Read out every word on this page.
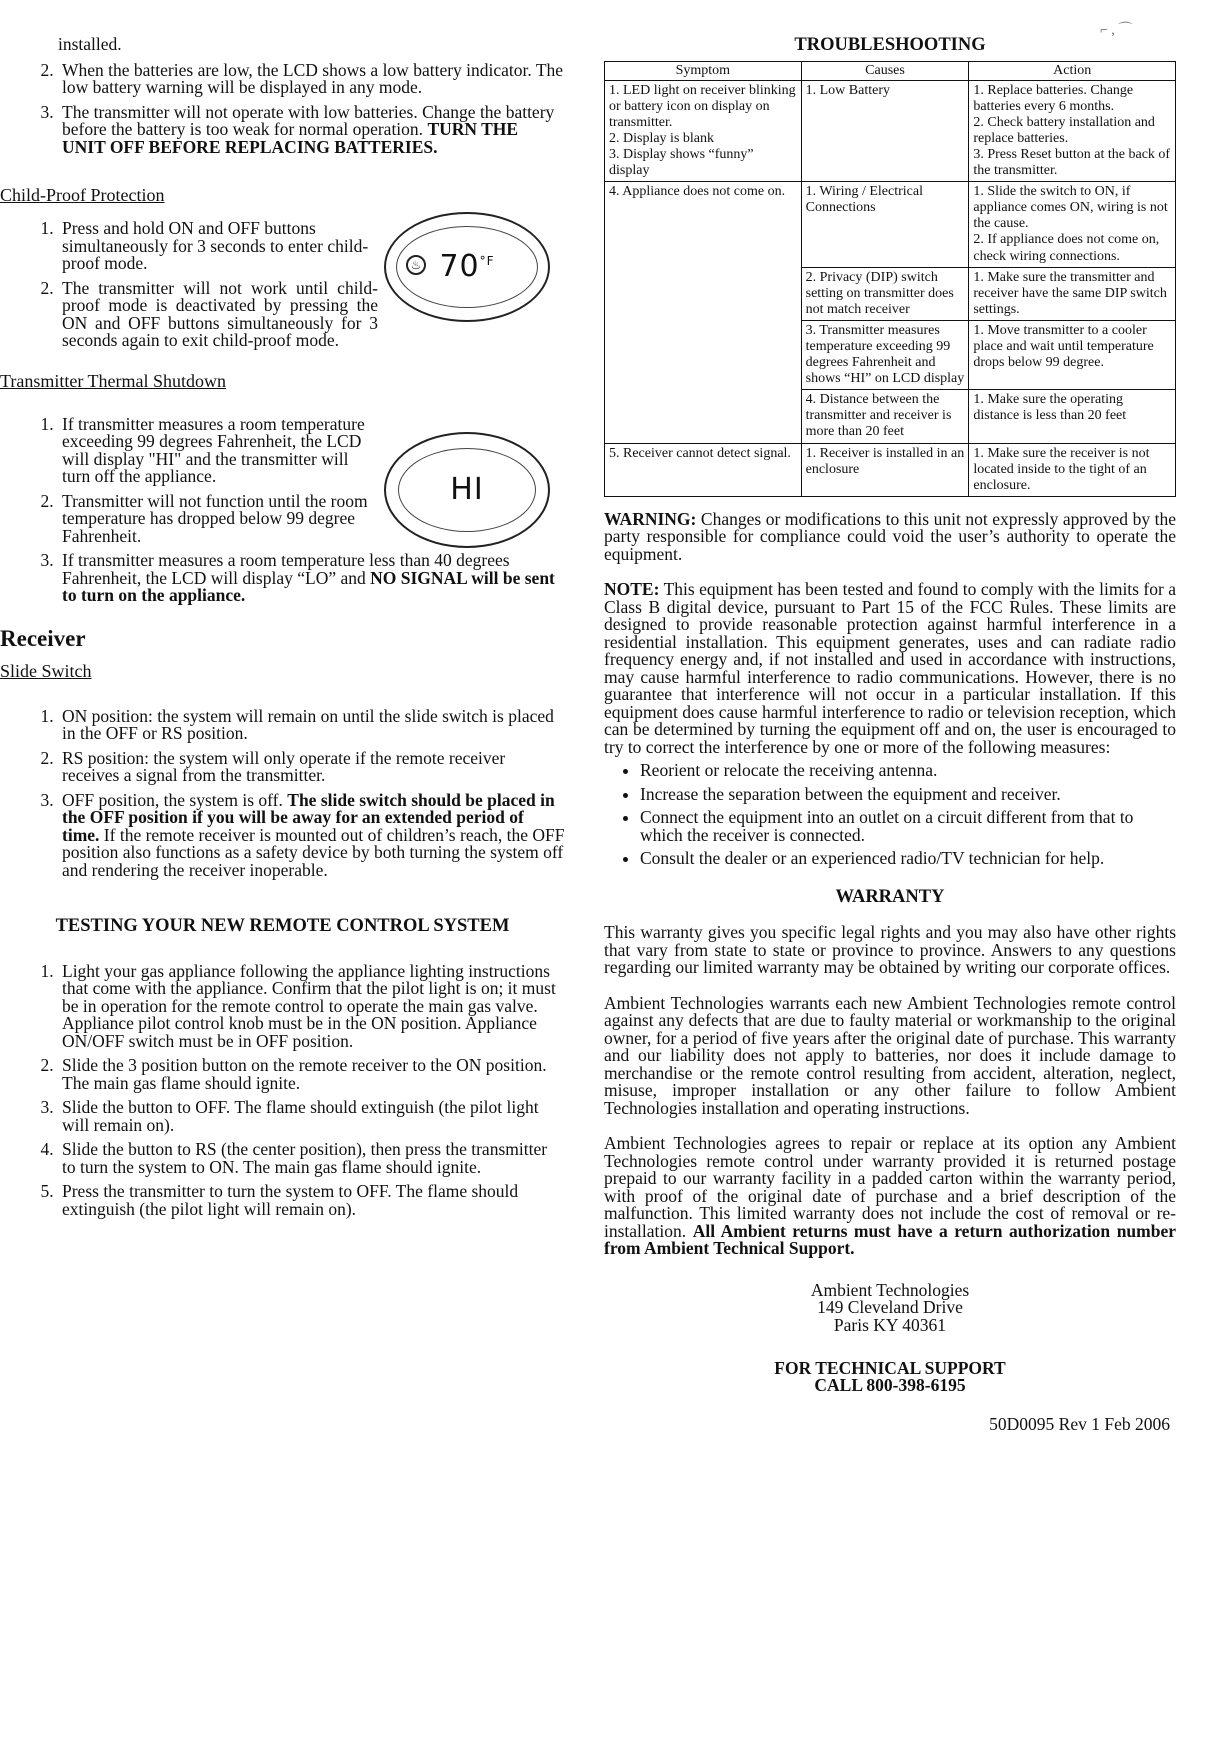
⌐ , ⌒

installed.

2. When the batteries are low, the LCD shows a low battery indicator. The low battery warning will be displayed in any mode.
3. The transmitter will not operate with low batteries. Change the battery before the battery is too weak for normal operation. TURN THE UNIT OFF BEFORE REPLACING BATTERIES.

Child-Proof Protection

1. Press and hold ON and OFF buttons simultaneously for 3 seconds to enter child-proof mode.
2. The transmitter will not work until child-proof mode is deactivated by pressing the ON and OFF buttons simultaneously for 3 seconds again to exit child-proof mode.
♨ $70^{^\circ F}$

Transmitter Thermal Shutdown

1. If transmitter measures a room temperature exceeding 99 degrees Fahrenheit, the LCD will display "HI" and the transmitter will turn off the appliance.
2. Transmitter will not function until the room temperature has dropped below 99 degree Fahrenheit.
HI
3. If transmitter measures a room temperature less than 40 degrees Fahrenheit, the LCD will display “LO” and NO SIGNAL will be sent to turn on the appliance.

Receiver

Slide Switch

1. ON position: the system will remain on until the slide switch is placed in the OFF or RS position.
2. RS position: the system will only operate if the remote receiver receives a signal from the transmitter.
3. OFF position, the system is off. The slide switch should be placed in the OFF position if you will be away for an extended period of time. If the remote receiver is mounted out of children’s reach, the OFF position also functions as a safety device by both turning the system off and rendering the receiver inoperable.

TESTING YOUR NEW REMOTE CONTROL SYSTEM

1. Light your gas appliance following the appliance lighting instructions that come with the appliance. Confirm that the pilot light is on; it must be in operation for the remote control to operate the main gas valve. Appliance pilot control knob must be in the ON position. Appliance ON/OFF switch must be in OFF position.
2. Slide the 3 position button on the remote receiver to the ON position. The main gas flame should ignite.
3. Slide the button to OFF. The flame should extinguish (the pilot light will remain on).
4. Slide the button to RS (the center position), then press the transmitter to turn the system to ON. The main gas flame should ignite.
5. Press the transmitter to turn the system to OFF. The flame should extinguish (the pilot light will remain on).

TROUBLESHOOTING

Symptom	Causes	Action

1. LED light on receiver blinking or battery icon on display on transmitter.
2. Display is blank
3. Display shows “funny” display	1. Low Battery	1. Replace batteries. Change batteries every 6 months.
2. Check battery installation and replace batteries.
3. Press Reset button at the back of the transmitter.

4. Appliance does not come on.	1. Wiring / Electrical Connections	1. Slide the switch to ON, if appliance comes ON, wiring is not the cause.
2. If appliance does not come on, check wiring connections.

	2. Privacy (DIP) switch setting on transmitter does not match receiver	1. Make sure the transmitter and receiver have the same DIP switch settings.
	3. Transmitter measures temperature exceeding 99 degrees Fahrenheit and shows “HI” on LCD display	1. Move transmitter to a cooler place and wait until temperature drops below 99 degree.
	4. Distance between the transmitter and receiver is more than 20 feet	1. Make sure the operating distance is less than 20 feet
5. Receiver cannot detect signal.	1. Receiver is installed in an enclosure	1. Make sure the receiver is not located inside to the tight of an enclosure.

WARNING: Changes or modifications to this unit not expressly approved by the party responsible for compliance could void the user’s authority to operate the equipment.

NOTE: This equipment has been tested and found to comply with the limits for a Class B digital device, pursuant to Part 15 of the FCC Rules. These limits are designed to provide reasonable protection against harmful interference in a residential installation. This equipment generates, uses and can radiate radio frequency energy and, if not installed and used in accordance with instructions, may cause harmful interference to radio communications. However, there is no guarantee that interference will not occur in a particular installation. If this equipment does cause harmful interference to radio or television reception, which can be determined by turning the equipment off and on, the user is encouraged to try to correct the interference by one or more of the following measures:

• Reorient or relocate the receiving antenna.
• Increase the separation between the equipment and receiver.
• Connect the equipment into an outlet on a circuit different from that to which the receiver is connected.
• Consult the dealer or an experienced radio/TV technician for help.

WARRANTY

This warranty gives you specific legal rights and you may also have other rights that vary from state to state or province to province. Answers to any questions regarding our limited warranty may be obtained by writing our corporate offices.

Ambient Technologies warrants each new Ambient Technologies remote control against any defects that are due to faulty material or workmanship to the original owner, for a period of five years after the original date of purchase. This warranty and our liability does not apply to batteries, nor does it include damage to merchandise or the remote control resulting from accident, alteration, neglect, misuse, improper installation or any other failure to follow Ambient Technologies installation and operating instructions.

Ambient Technologies agrees to repair or replace at its option any Ambient Technologies remote control under warranty provided it is returned postage prepaid to our warranty facility in a padded carton within the warranty period, with proof of the original date of purchase and a brief description of the malfunction. This limited warranty does not include the cost of removal or re-installation. All Ambient returns must have a return authorization number from Ambient Technical Support.

Ambient Technologies
149 Cleveland Drive
Paris KY 40361
FOR TECHNICAL SUPPORT
CALL 800-398-6195

50D0095 Rev 1 Feb 2006
